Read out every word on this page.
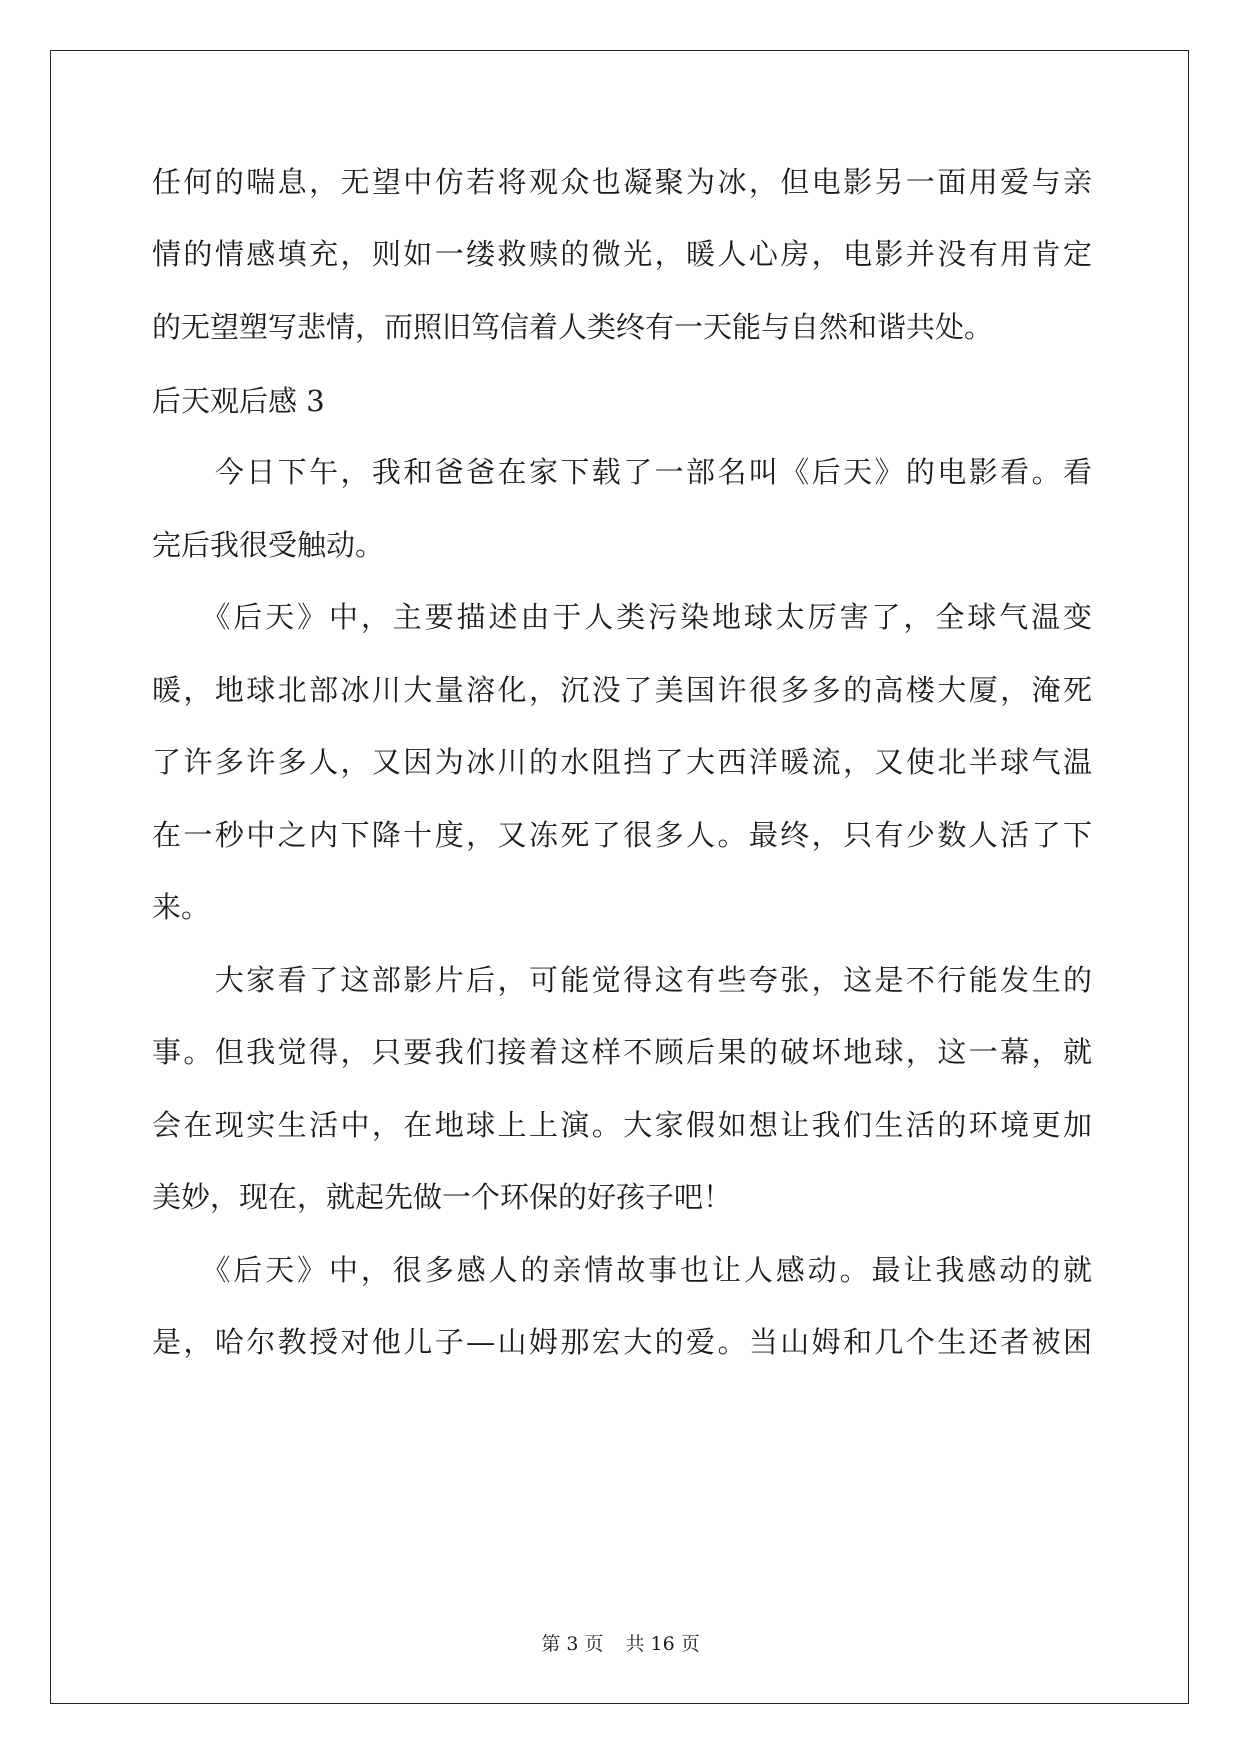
任何的喘息，无望中仿若将观众也凝聚为冰，但电影另一面用爱与亲
情的情感填充，则如一缕救赎的微光，暖人心房，电影并没有用肯定
的无望塑写悲情，而照旧笃信着人类终有一天能与自然和谐共处。
后天观后感 3
　　今日下午，我和爸爸在家下载了一部名叫《后天》的电影看。看
完后我很受触动。
　　《后天》中，主要描述由于人类污染地球太厉害了，全球气温变
暖，地球北部冰川大量溶化，沉没了美国许很多多的高楼大厦，淹死
了许多许多人，又因为冰川的水阻挡了大西洋暖流，又使北半球气温
在一秒中之内下降十度，又冻死了很多人。最终，只有少数人活了下
来。
　　大家看了这部影片后，可能觉得这有些夸张，这是不行能发生的
事。但我觉得，只要我们接着这样不顾后果的破坏地球，这一幕，就
会在现实生活中，在地球上上演。大家假如想让我们生活的环境更加
美妙，现在，就起先做一个环保的好孩子吧！
　　《后天》中，很多感人的亲情故事也让人感动。最让我感动的就
是，哈尔教授对他儿子—山姆那宏大的爱。当山姆和几个生还者被困
第 3 页 共 16 页
